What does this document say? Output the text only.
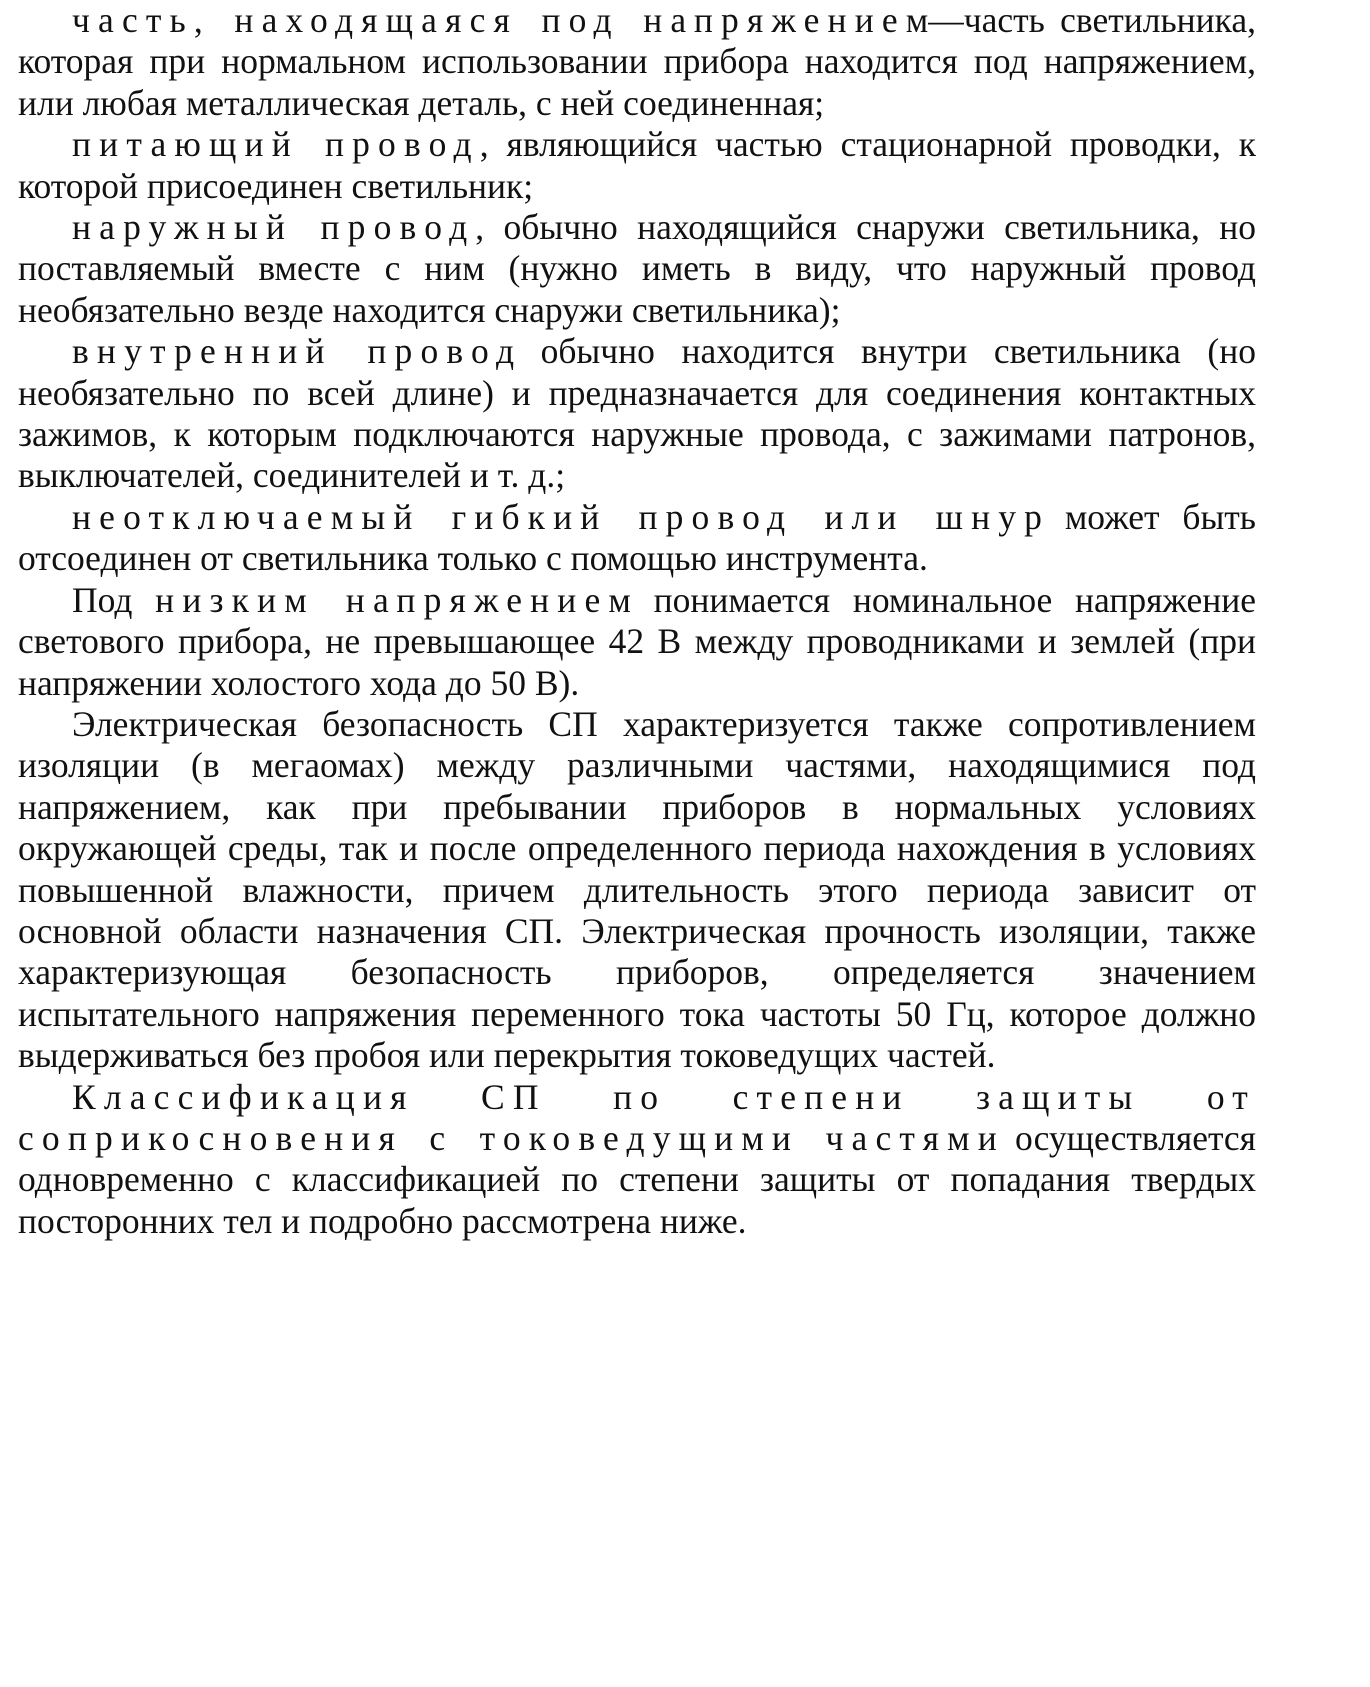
часть, находящаяся под напряжением—часть светильника, которая при нормальном использовании прибора находится под напряжением, или любая металлическая деталь, с ней соединенная;

питающий провод, являющийся частью стационарной проводки, к которой присоединен светильник;

наружный провод, обычно находящийся снаружи светильника, но поставляемый вместе с ним (нужно иметь в виду, что наружный провод необязательно везде находится снаружи светильника);

внутренний провод обычно находится внутри светильника (но необязательно по всей длине) и предназначается для соединения контактных зажимов, к которым подключаются наружные провода, с зажимами патронов, выключателей, соединителей и т. д.;

неотключаемый гибкий провод или шнур может быть отсоединен от светильника только с помощью инструмента.

Под низким напряжением понимается номинальное напряжение светового прибора, не превышающее 42 В между проводниками и землей (при напряжении холостого хода до 50 В).

Электрическая безопасность СП характеризуется также сопротивлением изоляции (в мегаомах) между различными частями, находящимися под напряжением, как при пребывании приборов в нормальных условиях окружающей среды, так и после определенного периода нахождения в условиях повышенной влажности, причем длительность этого периода зависит от основной области назначения СП. Электрическая прочность изоляции, также характеризующая безопасность приборов, определяется значением испытательного напряжения переменного тока частоты 50 Гц, которое должно выдерживаться без пробоя или перекрытия токоведущих частей.

Классификация СП по степени защиты от соприкосновения с токоведущими частями осуществляется одновременно с классификацией по степени защиты от попадания твердых посторонних тел и подробно рассмотрена ниже.
